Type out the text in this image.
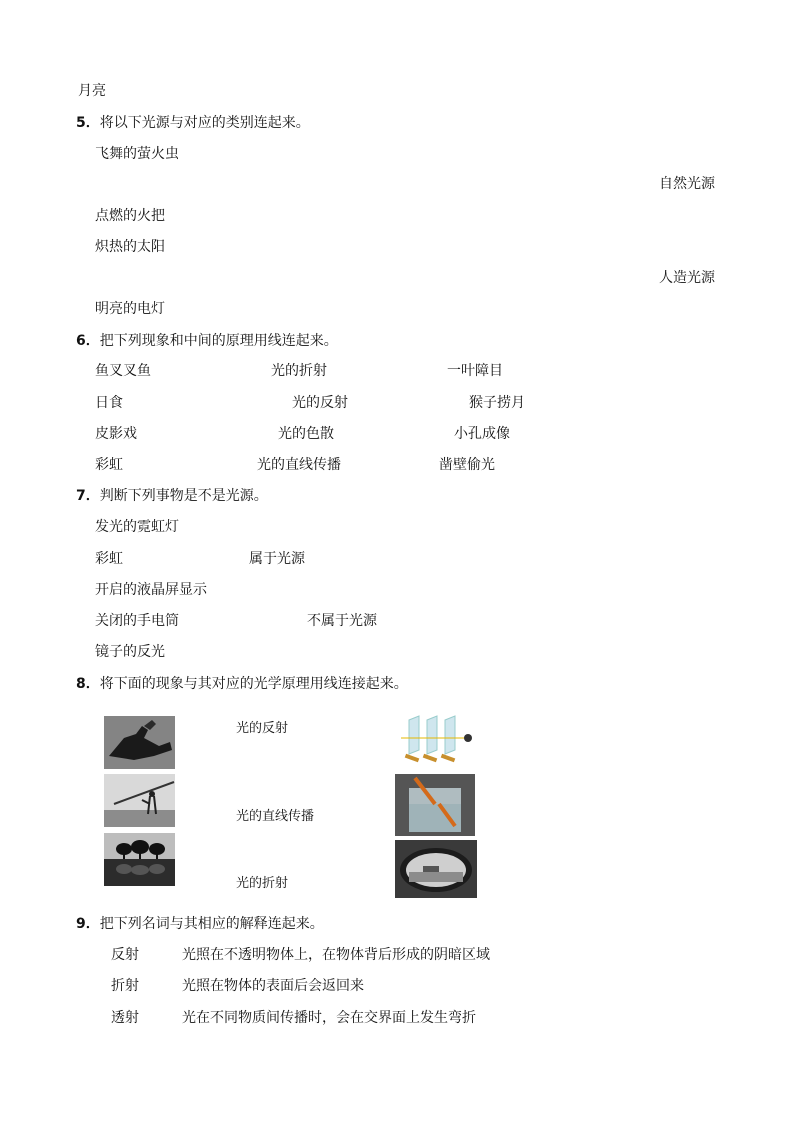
月亮
5．将以下光源与对应的类别连起来。
飞舞的萤火虫
自然光源
点燃的火把
炽热的太阳
人造光源
明亮的电灯
6．把下列现象和中间的原理用线连起来。
鱼叉叉鱼	光的折射	一叶障目
日食	光的反射	猴子捞月
皮影戏	光的色散	小孔成像
彩虹	光的直线传播	凿壁偷光
7．判断下列事物是不是光源。
发光的霓虹灯
彩虹	属于光源
开启的液晶屏显示
关闭的手电筒	不属于光源
镜子的反光
8．将下面的现象与其对应的光学原理用线连接起来。
光的反射
光的直线传播
光的折射
9．把下列名词与其相应的解释连起来。
反射	光照在不透明物体上，在物体背后形成的阴暗区域
折射	光照在物体的表面后会返回来
透射	光在不同物质间传播时，会在交界面上发生弯折
